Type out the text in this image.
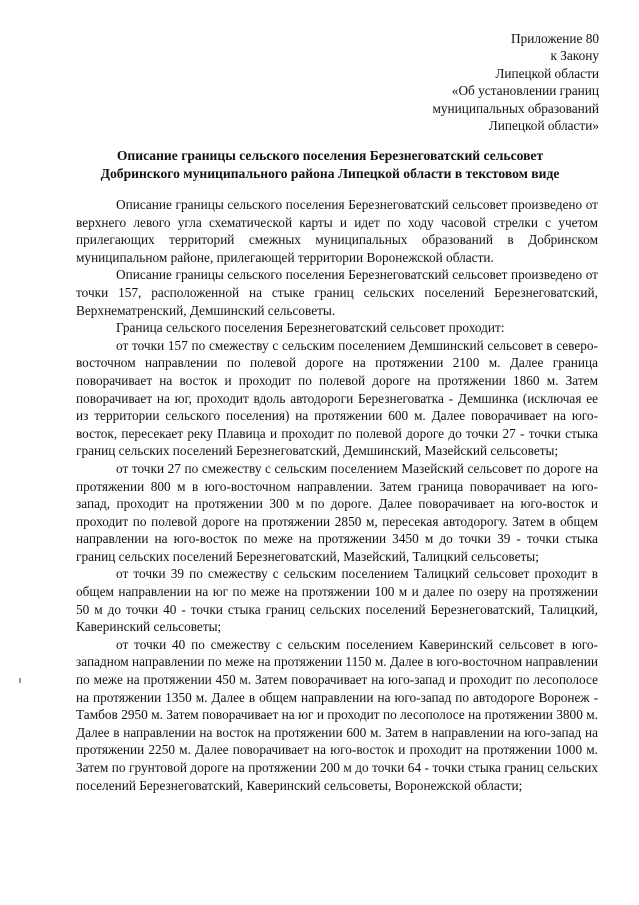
Приложение 80
к Закону
Липецкой области
«Об установлении границ
муниципальных образований
Липецкой области»
Описание границы сельского поселения Березнеговатский сельсовет
Добринского муниципального района Липецкой области в текстовом виде

Описание границы сельского поселения Березнеговатский сельсовет произведено от верхнего левого угла схематической карты и идет по ходу часовой стрелки с учетом прилегающих территорий смежных муниципальных образований в Добринском муниципальном районе, прилегающей территории Воронежской области.

Описание границы сельского поселения Березнеговатский сельсовет произведено от точки 157, расположенной на стыке границ сельских поселений Березнеговатский, Верхнематренский, Демшинский сельсоветы.

Граница сельского поселения Березнеговатский сельсовет проходит:

от точки 157 по смежеству с сельским поселением Демшинский сельсовет в северо-восточном направлении по полевой дороге на протяжении 2100 м. Далее граница поворачивает на восток и проходит по полевой дороге на протяжении 1860 м. Затем поворачивает на юг, проходит вдоль автодороги Березнеговатка - Демшинка (исключая ее из территории сельского поселения) на протяжении 600 м. Далее поворачивает на юго-восток, пересекает реку Плавица и проходит по полевой дороге до точки 27 - точки стыка границ сельских поселений Березнеговатский, Демшинский, Мазейский сельсоветы;

от точки 27 по смежеству с сельским поселением Мазейский сельсовет по дороге на протяжении 800 м в юго-восточном направлении. Затем граница поворачивает на юго-запад, проходит на протяжении 300 м по дороге. Далее поворачивает на юго-восток и проходит по полевой дороге на протяжении 2850 м, пересекая автодорогу. Затем в общем направлении на юго-восток по меже на протяжении 3450 м до точки 39 - точки стыка границ сельских поселений Березнеговатский, Мазейский, Талицкий сельсоветы;

от точки 39 по смежеству с сельским поселением Талицкий сельсовет проходит в общем направлении на юг по меже на протяжении 100 м и далее по озеру на протяжении 50 м до точки 40 - точки стыка границ сельских поселений Березнеговатский, Талицкий, Каверинский сельсоветы;

от точки 40 по смежеству с сельским поселением Каверинский сельсовет в юго-западном направлении по меже на протяжении 1150 м. Далее в юго-восточном направлении по меже на протяжении 450 м. Затем поворачивает на юго-запад и проходит по лесополосе на протяжении 1350 м. Далее в общем направлении на юго-запад по автодороге Воронеж - Тамбов 2950 м. Затем поворачивает на юг и проходит по лесополосе на протяжении 3800 м. Далее в направлении на восток на протяжении 600 м. Затем в направлении на юго-запад на протяжении 2250 м. Далее поворачивает на юго-восток и проходит на протяжении 1000 м. Затем по грунтовой дороге на протяжении 200 м до точки 64 - точки стыка границ сельских поселений Березнеговатский, Каверинский сельсоветы, Воронежской области;
